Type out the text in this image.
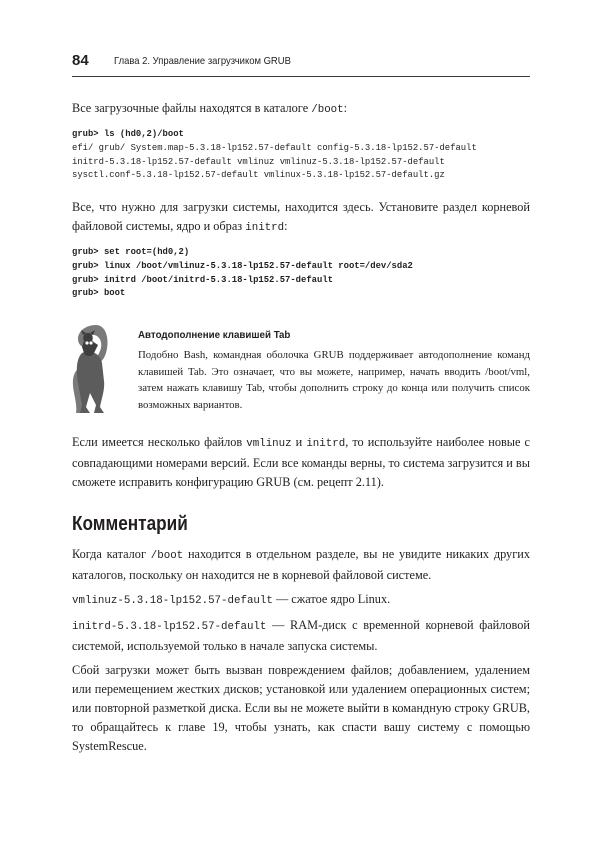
84 Глава 2. Управление загрузчиком GRUB

Все загрузочные файлы находятся в каталоге /boot:

grub> ls (hd0,2)/boot
efi/ grub/ System.map-5.3.18-lp152.57-default config-5.3.18-lp152.57-default
initrd-5.3.18-lp152.57-default vmlinuz vmlinuz-5.3.18-lp152.57-default
sysctl.conf-5.3.18-lp152.57-default vmlinux-5.3.18-lp152.57-default.gz

Все, что нужно для загрузки системы, находится здесь. Установите раздел корневой файловой системы, ядро и образ initrd:

grub> set root=(hd0,2)
grub> linux /boot/vmlinuz-5.3.18-lp152.57-default root=/dev/sda2
grub> initrd /boot/initrd-5.3.18-lp152.57-default
grub> boot
Автодополнение клавишей Tab

Подобно Bash, командная оболочка GRUB поддерживает автодополнение команд клавишей Tab. Это означает, что вы можете, например, начать вводить /boot/vml, затем нажать клавишу Tab, чтобы дополнить строку до конца или получить список возможных вариантов.

Если имеется несколько файлов vmlinuz и initrd, то используйте наиболее новые с совпадающими номерами версий. Если все команды верны, то система загрузится и вы сможете исправить конфигурацию GRUB (см. рецепт 2.11).

Комментарий

Когда каталог /boot находится в отдельном разделе, вы не увидите никаких других каталогов, поскольку он находится не в корневой файловой системе.

vmlinuz-5.3.18-lp152.57-default — сжатое ядро Linux.

initrd-5.3.18-lp152.57-default — RAM-диск с временной корневой файловой системой, используемой только в начале запуска системы.

Сбой загрузки может быть вызван повреждением файлов; добавлением, удалением или перемещением жестких дисков; установкой или удалением операционных систем; или повторной разметкой диска. Если вы не можете выйти в командную строку GRUB, то обращайтесь к главе 19, чтобы узнать, как спасти вашу систему с помощью SystemRescue.
